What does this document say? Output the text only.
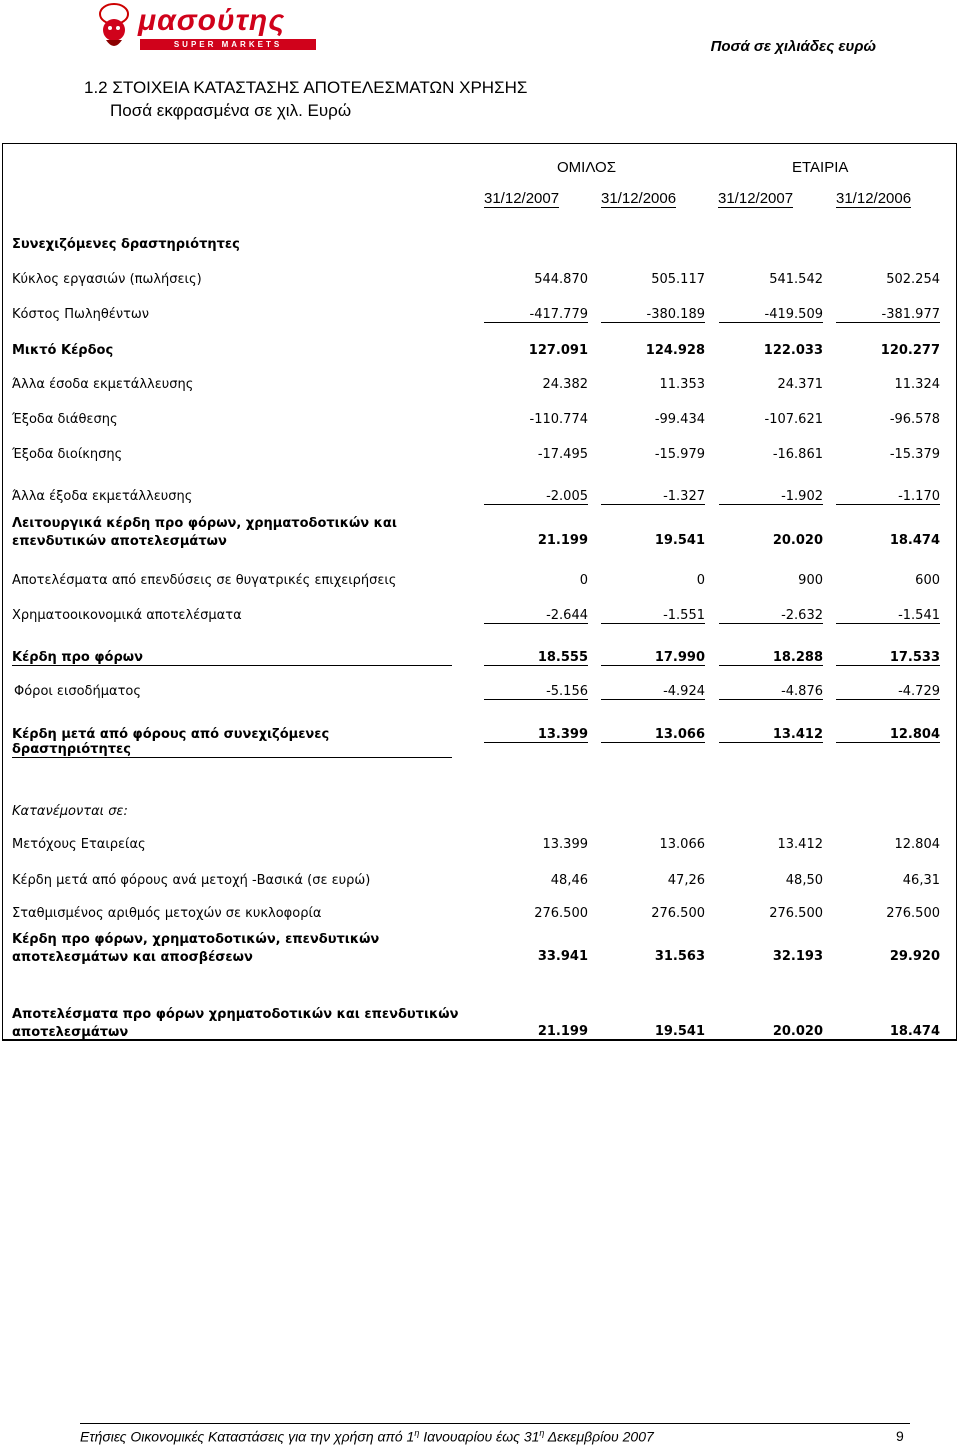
μασούτης
SUPER MARKETS	Ποσά σε χιλιάδες ευρώ
1.2 ΣΤΟΙΧΕΙΑ ΚΑΤΑΣΤΑΣΗΣ ΑΠΟΤΕΛΕΣΜΑΤΩΝ ΧΡΗΣΗΣ
Ποσά εκφρασμένα σε χιλ. Ευρώ
ΟΜΙΛΟΣ	ΕΤΑΙΡΙΑ
31/12/2007	31/12/2006	31/12/2007	31/12/2006
Συνεχιζόμενες δραστηριότητες
Κύκλος εργασιών (πωλήσεις)	544.870	505.117	541.542	502.254
Κόστος Πωληθέντων	-417.779	-380.189	-419.509	-381.977
Μικτό Κέρδος	127.091	124.928	122.033	120.277
Άλλα έσοδα εκμετάλλευσης	24.382	11.353	24.371	11.324
Έξοδα διάθεσης	-110.774	-99.434	-107.621	-96.578
Έξοδα διοίκησης	-17.495	-15.979	-16.861	-15.379
Άλλα έξοδα εκμετάλλευσης	-2.005	-1.327	-1.902	-1.170
Λειτουργικά κέρδη προ φόρων, χρηματοδοτικών και
επενδυτικών αποτελεσμάτων	21.199	19.541	20.020	18.474
Αποτελέσματα από επενδύσεις σε θυγατρικές επιχειρήσεις	0	0	900	600
Χρηματοοικονομικά αποτελέσματα	-2.644	-1.551	-2.632	-1.541
Κέρδη προ φόρων	18.555	17.990	18.288	17.533
Φόροι εισοδήματος	-5.156	-4.924	-4.876	-4.729
Κέρδη μετά από φόρους από συνεχιζόμενες δραστηριότητες
13.399	13.066	13.412	12.804
Κατανέμονται σε:
Μετόχους Εταιρείας	13.399	13.066	13.412	12.804
Κέρδη μετά από φόρους ανά μετοχή -Βασικά (σε ευρώ)	48,46	47,26	48,50	46,31
Σταθμισμένος αριθμός μετοχών σε κυκλοφορία	276.500	276.500	276.500	276.500
Κέρδη προ φόρων, χρηματοδοτικών, επενδυτικών
αποτελεσμάτων και αποσβέσεων	33.941	31.563	32.193	29.920
Αποτελέσματα προ φόρων χρηματοδοτικών και επενδυτικών
αποτελεσμάτων	21.199	19.541	20.020	18.474
Ετήσιες Οικονομικές Καταστάσεις για την χρήση από $1^\eta$ Ιανουαρίου έως $31^\eta$ Δεκεμβρίου 2007	9
